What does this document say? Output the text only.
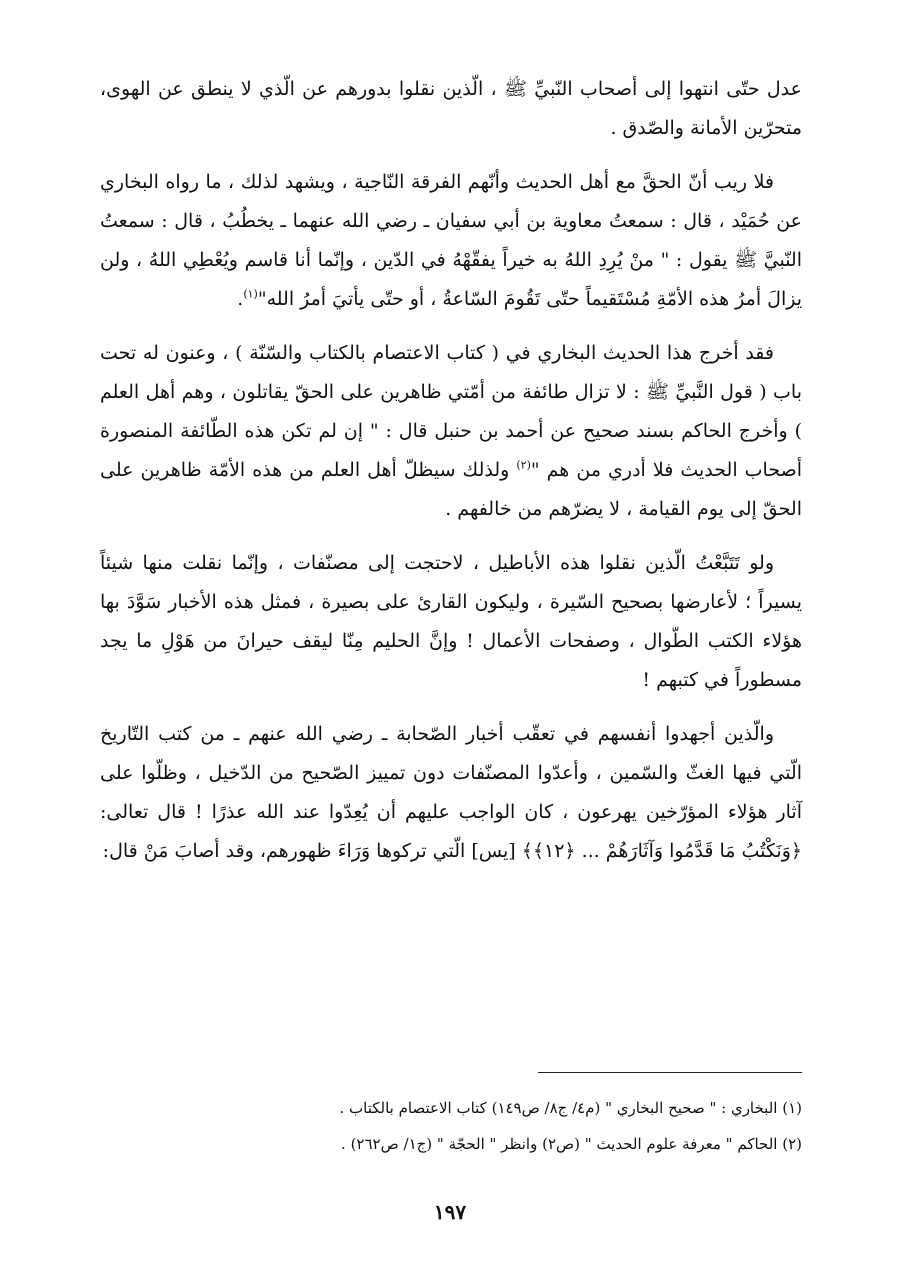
عدل حتّى انتهوا إلى أصحاب النّبيِّ ﷺ ، الّذين نقلوا بدورهم عن الّذي لا ينطق عن الهوى، متحرّين الأمانة والصّدق .

فلا ريب أنّ الحقَّ مع أهل الحديث وأنّهم الفرقة النّاجية ، ويشهد لذلك ، ما رواه البخاري عن حُمَيْد ، قال : سمعتُ معاوية بن أبي سفيان ـ رضي الله عنهما ـ يخطُبُ ، قال : سمعتُ النّبيَّ ﷺ يقول : " منْ يُرِدِ اللهُ به خيراً يفقّهْهُ في الدّين ، وإنّما أنا قاسم ويُعْطِي اللهُ ، ولن يزالَ أمرُ هذه الأمّةِ مُسْتَقيماً حتّى تَقُومَ السّاعةُ ، أو حتّى يأتيَ أمرُ الله"$^{(١)}$.

فقد أخرج هذا الحديث البخاري في ( كتاب الاعتصام بالكتاب والسّنّة ) ، وعنون له تحت باب ( قول النَّبيِّ ﷺ : لا تزال طائفة من أمّتي ظاهرين على الحقّ يقاتلون ، وهم أهل العلم ) وأخرج الحاكم بسند صحيح عن أحمد بن حنبل قال : " إن لم تكن هذه الطّائفة المنصورة أصحاب الحديث فلا أدري من هم "$^{(٢)}$ ولذلك سيظلّ أهل العلم من هذه الأمّة ظاهرين على الحقّ إلى يوم القيامة ، لا يضرّهم من خالفهم .

ولو تَتَبَّعْتُ الّذين نقلوا هذه الأباطيل ، لاحتجت إلى مصنّفات ، وإنّما نقلت منها شيئاً يسيراً ؛ لأعارضها بصحيح السّيرة ، وليكون القارئ على بصيرة ، فمثل هذه الأخبار سَوَّدَ بها هؤلاء الكتب الطّوال ، وصفحات الأعمال ! وإنَّ الحليم مِنّا ليقف حيرانَ من هَوْلِ ما يجد مسطوراً في كتبهم !

والّذين أجهدوا أنفسهم في تعقّب أخبار الصّحابة ـ رضي الله عنهم ـ من كتب التّاريخ الّتي فيها الغثّ والسّمين ، وأعدّوا المصنّفات دون تمييز الصّحيح من الدّخيل ، وظلّوا على آثار هؤلاء المؤرّخين يهرعون ، كان الواجب عليهم أن يُعِدّوا عند الله عذرًا ! قال تعالى: ﴿وَنَكْتُبُ مَا قَدَّمُوا وَآثَارَهُمْ ... ﴿١٢﴾﴾ [يس] الّتي تركوها وَرَاءَ ظهورهم، وقد أصابَ مَنْ قال:

(١) البخاري : " صحيح البخاري " (م٤/ ج٨/ ص١٤٩) كتاب الاعتصام بالكتاب .

(٢) الحاكم " معرفة علوم الحديث " (ص٢) وانظر " الحجّة " (ج١/ ص٢٦٢) .

١٩٧
